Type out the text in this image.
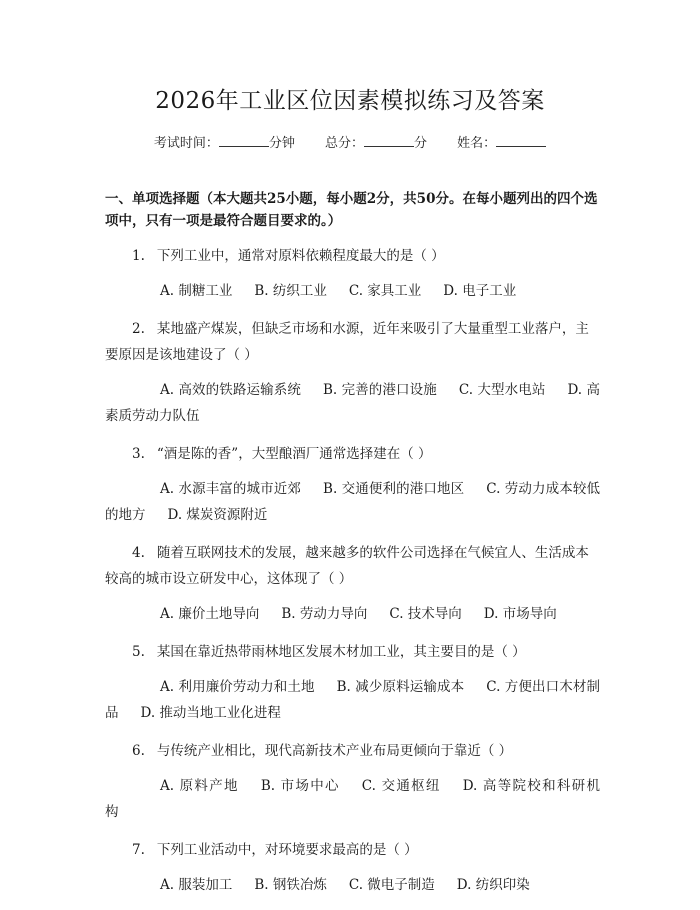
2026年工业区位因素模拟练习及答案
考试时间：	分钟 总分：	分 姓名：

一、单项选择题（本大题共25小题，每小题2分，共50分。在每小题列出的四个选项中，只有一项是最符合题目要求的。）

1. 下列工业中，通常对原料依赖程度最大的是（ ）
A. 制糖工业 B. 纺织工业 C. 家具工业 D. 电子工业
2. 某地盛产煤炭，但缺乏市场和水源，近年来吸引了大量重型工业落户，主要原因是该地建设了（ ）
A. 高效的铁路运输系统 B. 完善的港口设施 C. 大型水电站 D. 高素质劳动力队伍
3. “酒是陈的香”，大型酿酒厂通常选择建在（ ）
A. 水源丰富的城市近郊 B. 交通便利的港口地区 C. 劳动力成本较低的地方 D. 煤炭资源附近
4. 随着互联网技术的发展，越来越多的软件公司选择在气候宜人、生活成本较高的城市设立研发中心，这体现了（ ）
A. 廉价土地导向 B. 劳动力导向 C. 技术导向 D. 市场导向
5. 某国在靠近热带雨林地区发展木材加工业，其主要目的是（ ）
A. 利用廉价劳动力和土地 B. 减少原料运输成本 C. 方便出口木材制品 D. 推动当地工业化进程
6. 与传统产业相比，现代高新技术产业布局更倾向于靠近（ ）
A. 原料产地 B. 市场中心 C. 交通枢纽 D. 高等院校和科研机构
7. 下列工业活动中，对环境要求最高的是（ ）
A. 服装加工 B. 钢铁冶炼 C. 微电子制造 D. 纺织印染
